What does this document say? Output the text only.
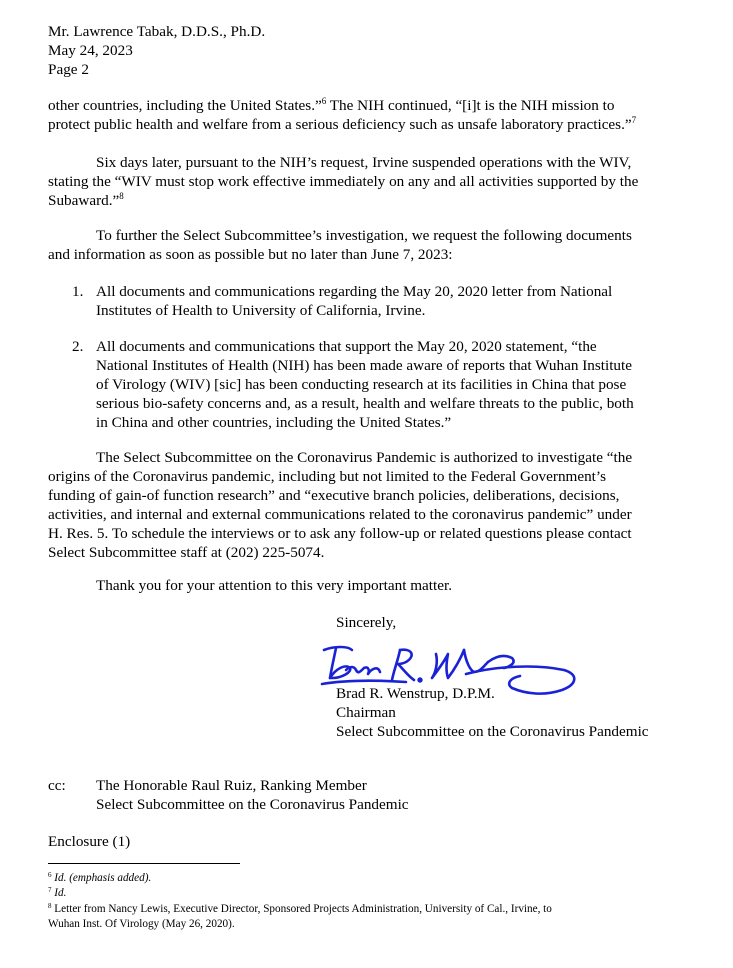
Mr. Lawrence Tabak, D.D.S., Ph.D.
May 24, 2023
Page 2
other countries, including the United States.”$^6$ The NIH continued, “[i]t is the NIH mission to
protect public health and welfare from a serious deficiency such as unsafe laboratory practices.”$^7$
Six days later, pursuant to the NIH’s request, Irvine suspended operations with the WIV,
stating the “WIV must stop work effective immediately on any and all activities supported by the
Subaward.”$^8$
To further the Select Subcommittee’s investigation, we request the following documents
and information as soon as possible but no later than June 7, 2023:
1. All documents and communications regarding the May 20, 2020 letter from National
Institutes of Health to University of California, Irvine.
2. All documents and communications that support the May 20, 2020 statement, “the
National Institutes of Health (NIH) has been made aware of reports that Wuhan Institute
of Virology (WIV) [sic] has been conducting research at its facilities in China that pose
serious bio-safety concerns and, as a result, health and welfare threats to the public, both
in China and other countries, including the United States.”
The Select Subcommittee on the Coronavirus Pandemic is authorized to investigate “the
origins of the Coronavirus pandemic, including but not limited to the Federal Government’s
funding of gain-of function research” and “executive branch policies, deliberations, decisions,
activities, and internal and external communications related to the coronavirus pandemic” under
H. Res. 5. To schedule the interviews or to ask any follow-up or related questions please contact
Select Subcommittee staff at (202) 225-5074.
Thank you for your attention to this very important matter.
Sincerely,
Brad R. Wenstrup, D.P.M.
Chairman
Select Subcommittee on the Coronavirus Pandemic
cc: The Honorable Raul Ruiz, Ranking Member
Select Subcommittee on the Coronavirus Pandemic
Enclosure (1)
$^6$ Id. (emphasis added).
$^7$ Id.
$^8$ Letter from Nancy Lewis, Executive Director, Sponsored Projects Administration, University of Cal., Irvine, to
Wuhan Inst. Of Virology (May 26, 2020).
